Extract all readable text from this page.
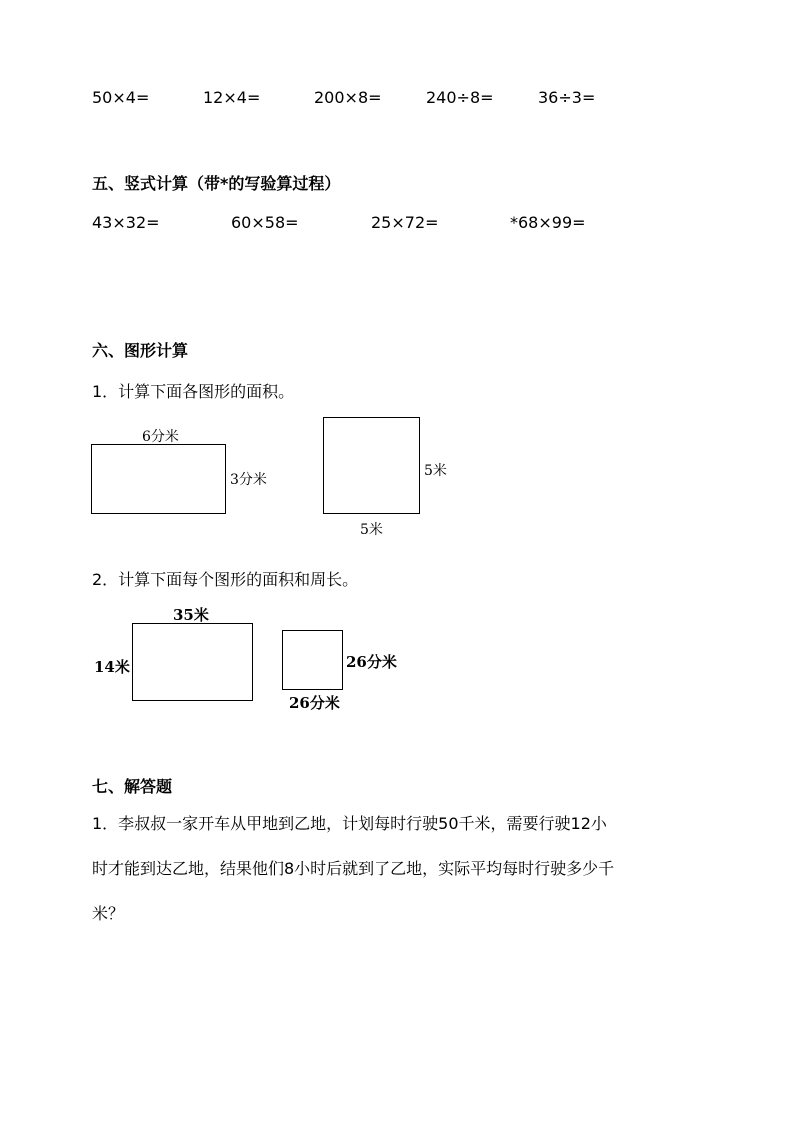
50×4=	12×4=	200×8=	240÷8=	36÷3=
五、竖式计算（带*的写验算过程）
43×32=	60×58=	25×72=	*68×99=
六、图形计算
1．计算下面各图形的面积。
6分米
3分米
5米
5米
2．计算下面每个图形的面积和周长。
35米
14米	26分米
26分米
七、解答题
1．李叔叔一家开车从甲地到乙地，计划每时行驶50千米，需要行驶12小
时才能到达乙地，结果他们8小时后就到了乙地，实际平均每时行驶多少千
米？
